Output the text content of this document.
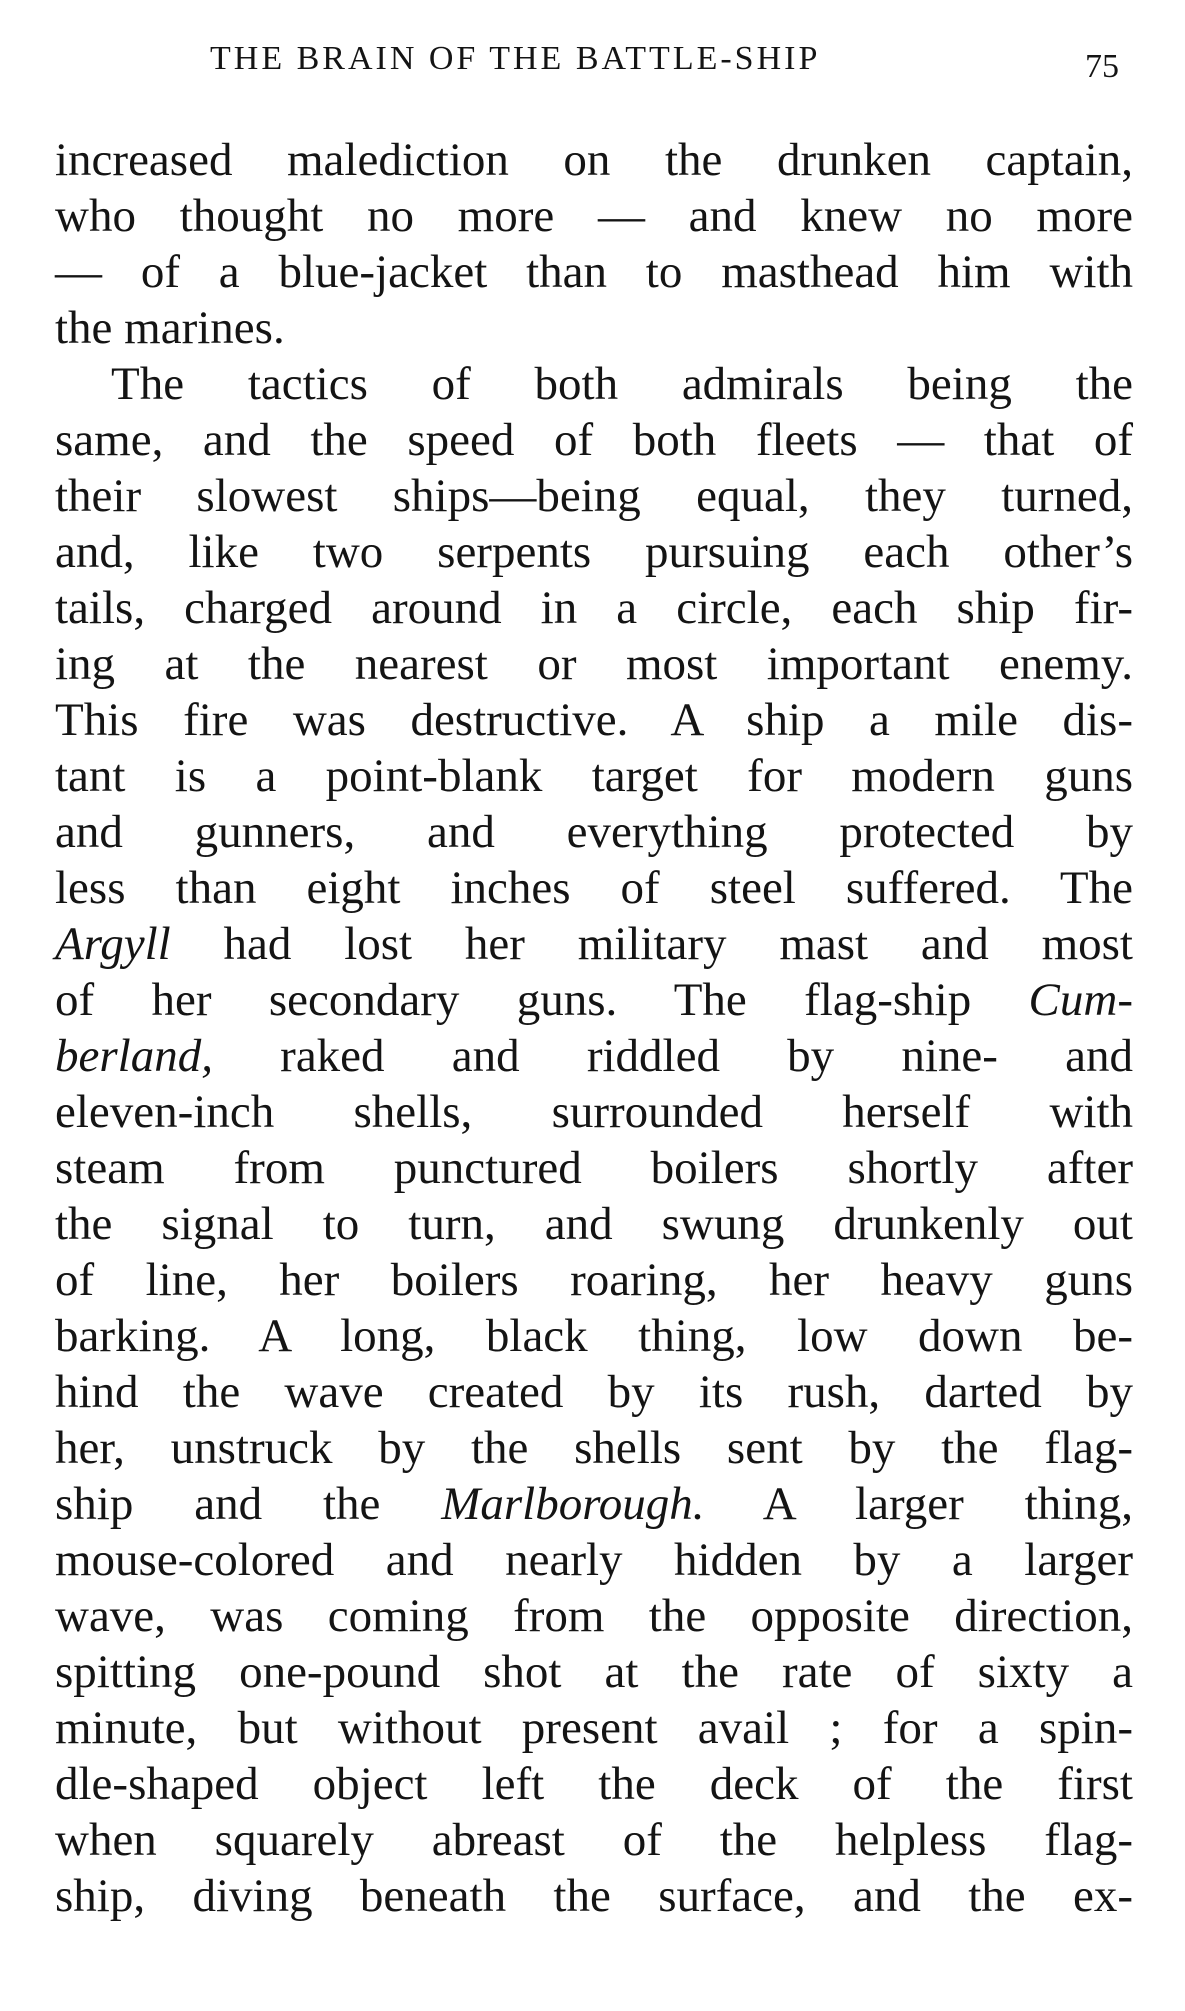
THE BRAIN OF THE BATTLE-SHIP	75
increased malediction on the drunken captain,
who thought no more — and knew no more
— of a blue-jacket than to masthead him with
the marines.
The tactics of both admirals being the
same, and the speed of both fleets — that of
their slowest ships—being equal, they turned,
and, like two serpents pursuing each other’s
tails, charged around in a circle, each ship fir-
ing at the nearest or most important enemy.
This fire was destructive. A ship a mile dis-
tant is a point-blank target for modern guns
and gunners, and everything protected by
less than eight inches of steel suffered. The
Argyll had lost her military mast and most
of her secondary guns. The flag-ship Cum-
berland, raked and riddled by nine- and
eleven-inch shells, surrounded herself with
steam from punctured boilers shortly after
the signal to turn, and swung drunkenly out
of line, her boilers roaring, her heavy guns
barking. A long, black thing, low down be-
hind the wave created by its rush, darted by
her, unstruck by the shells sent by the flag-
ship and the Marlborough. A larger thing,
mouse-colored and nearly hidden by a larger
wave, was coming from the opposite direction,
spitting one-pound shot at the rate of sixty a
minute, but without present avail ; for a spin-
dle-shaped object left the deck of the first
when squarely abreast of the helpless flag-
ship, diving beneath the surface, and the ex-
